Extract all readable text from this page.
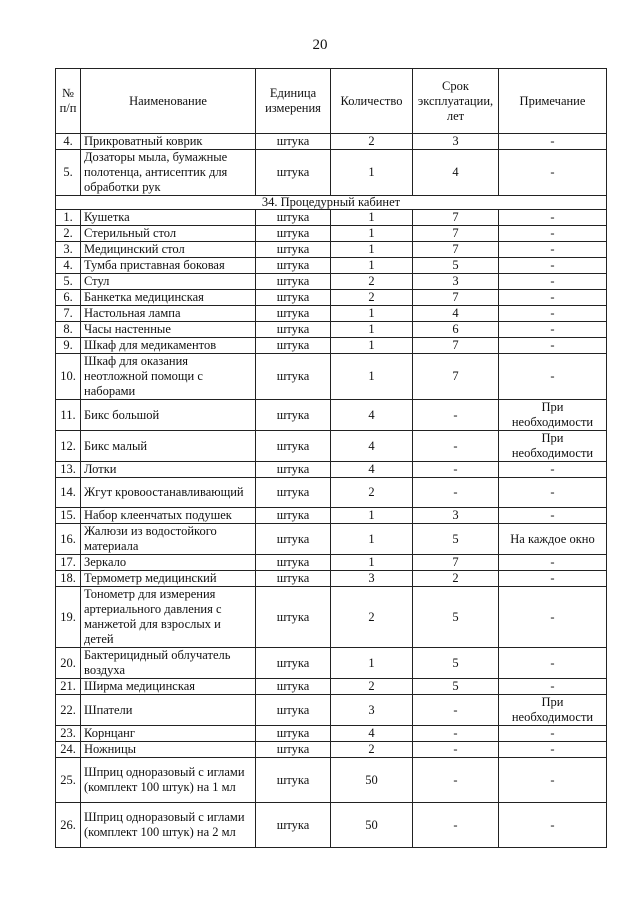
20
№ п/п	Наименование	Единица измерения	Количество	Срок эксплуатации, лет	Примечание
4.	Прикроватный коврик	штука	2	3	-
5.	Дозаторы мыла, бумажные полотенца, антисептик для обработки рук	штука	1	4	-
34. Процедурный кабинет					
1.	Кушетка	штука	1	7	-
2.	Стерильный стол	штука	1	7	-
3.	Медицинский стол	штука	1	7	-
4.	Тумба приставная боковая	штука	1	5	-
5.	Стул	штука	2	3	-
6.	Банкетка медицинская	штука	2	7	-
7.	Настольная лампа	штука	1	4	-
8.	Часы настенные	штука	1	6	-
9.	Шкаф для медикаментов	штука	1	7	-
10.	Шкаф для оказания неотложной помощи с наборами	штука	1	7	-
11.	Бикс большой	штука	4	-	При необходимости
12.	Бикс малый	штука	4	-	При необходимости
13.	Лотки	штука	4	-	-
14.	Жгут кровоостанавливающий	штука	2	-	-
15.	Набор клеенчатых подушек	штука	1	3	-
16.	Жалюзи из водостойкого материала	штука	1	5	На каждое окно
17.	Зеркало	штука	1	7	-
18.	Термометр медицинский	штука	3	2	-
19.	Тонометр для измерения артериального давления с манжетой для взрослых и детей	штука	2	5	-
20.	Бактерицидный облучатель воздуха	штука	1	5	-
21.	Ширма медицинская	штука	2	5	-
22.	Шпатели	штука	3	-	При необходимости
23.	Корнцанг	штука	4	-	-
24.	Ножницы	штука	2	-	-
25.	Шприц одноразовый с иглами (комплект 100 штук) на 1 мл	штука	50	-	-
26.	Шприц одноразовый с иглами (комплект 100 штук) на 2 мл	штука	50	-	-
